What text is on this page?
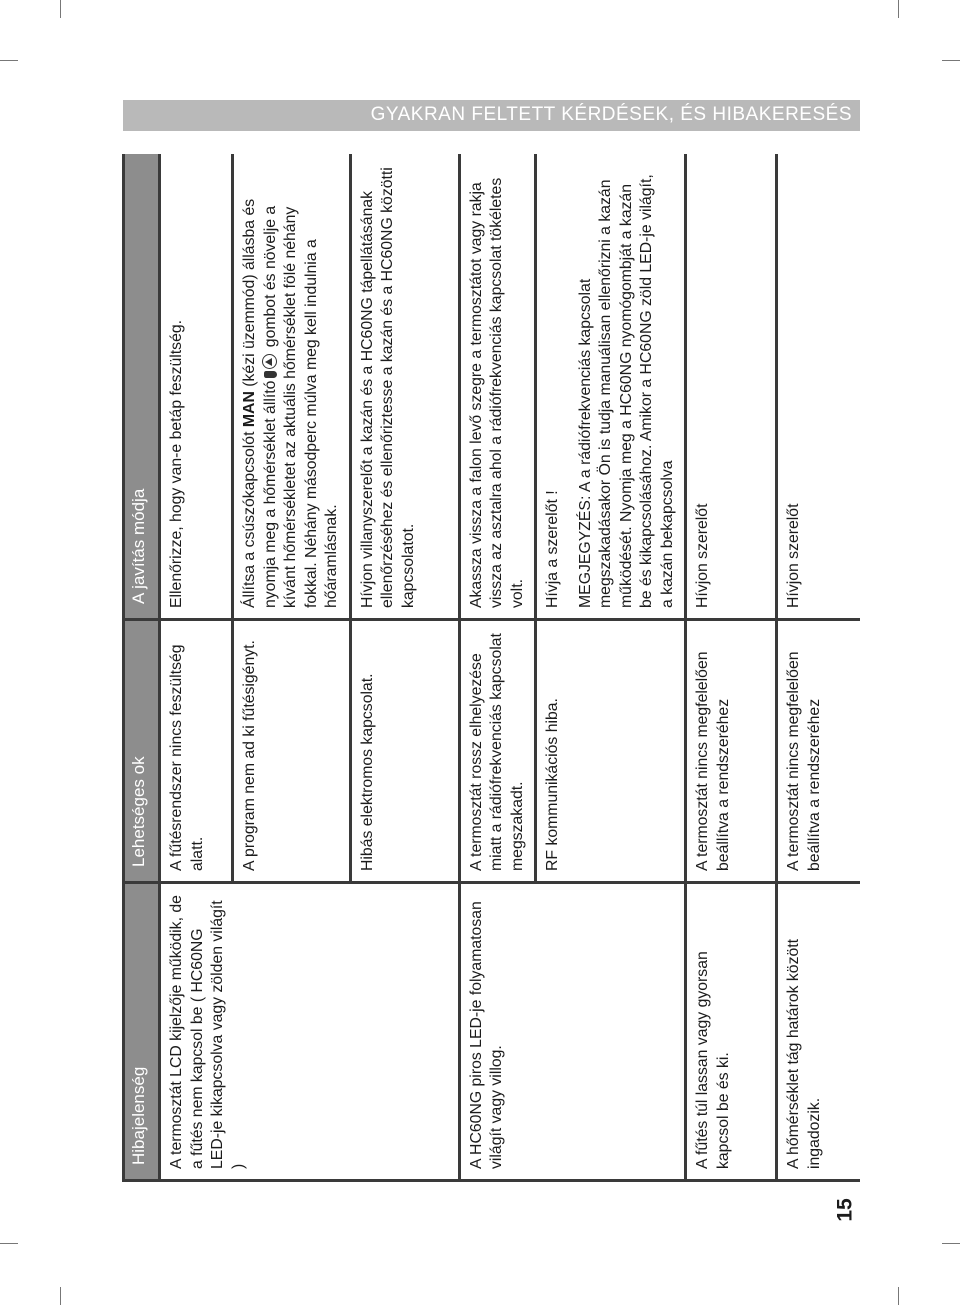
GYAKRAN FELTETT KÉRDÉSEK, ÉS HIBAKERESÉS
15
Hibajelenség	Lehetséges ok	A javítás módja
A termosztát LCD kijelzője működik, de a fűtés nem kapcsol be ( HC60NG LED-je kikapcsolva vagy zölden világít )	A fűtésrendszer nincs feszültség alatt.	Ellenőrizze, hogy van-e betáp feszültség.
	A program nem ad ki fűtésigényt.	Állítsa a csúszókapcsolót MAN (kézi üzemmód) állásba és nyomja meg a hőmérséklet állító gombot és növelje a kívánt hőmérsékletet az aktuális hőmérséklet fölé néhány fokkal. Néhány másodperc múlva meg kell indulnia a hőáramlásnak.
	Hibás elektromos kapcsolat.	Hívjon villanyszerelőt a kazán és a HC60NG tápellátásának ellenőrzéséhez és ellenőriztesse a kazán és a HC60NG közötti kapcsolatot.
A HC60NG piros LED-je folyamatosan világít vagy villog.	A termosztát rossz elhelyezése miatt a rádiófrekvenciás kapcsolat megszakadt.	Akassza vissza a falon levő szegre a termosztátot vagy rakja vissza az asztalra ahol a rádiófrekvenciás kapcsolat tökéletes volt.
	RF kommunikációs hiba.	Hívja a szerelőt ! MEGJEGYZÉS: A a rádiófrekvenciás kapcsolat megszakadásakor Ön is tudja manuálisan ellenőrizni a kazán működését. Nyomja meg a HC60NG nyomógombját a kazán be és kikapcsolásához. Amikor a HC60NG zöld LED-je világít, a kazán bekapcsolva

A fűtés túl lassan vagy gyorsan kapcsol be és ki.	A termosztát nincs megfelelően beállítva a rendszeréhez	Hívjon szerelőt
A hőmérséklet tág határok között ingadozik.	A termosztát nincs megfelelően beállítva a rendszeréhez	Hívjon szerelőt
